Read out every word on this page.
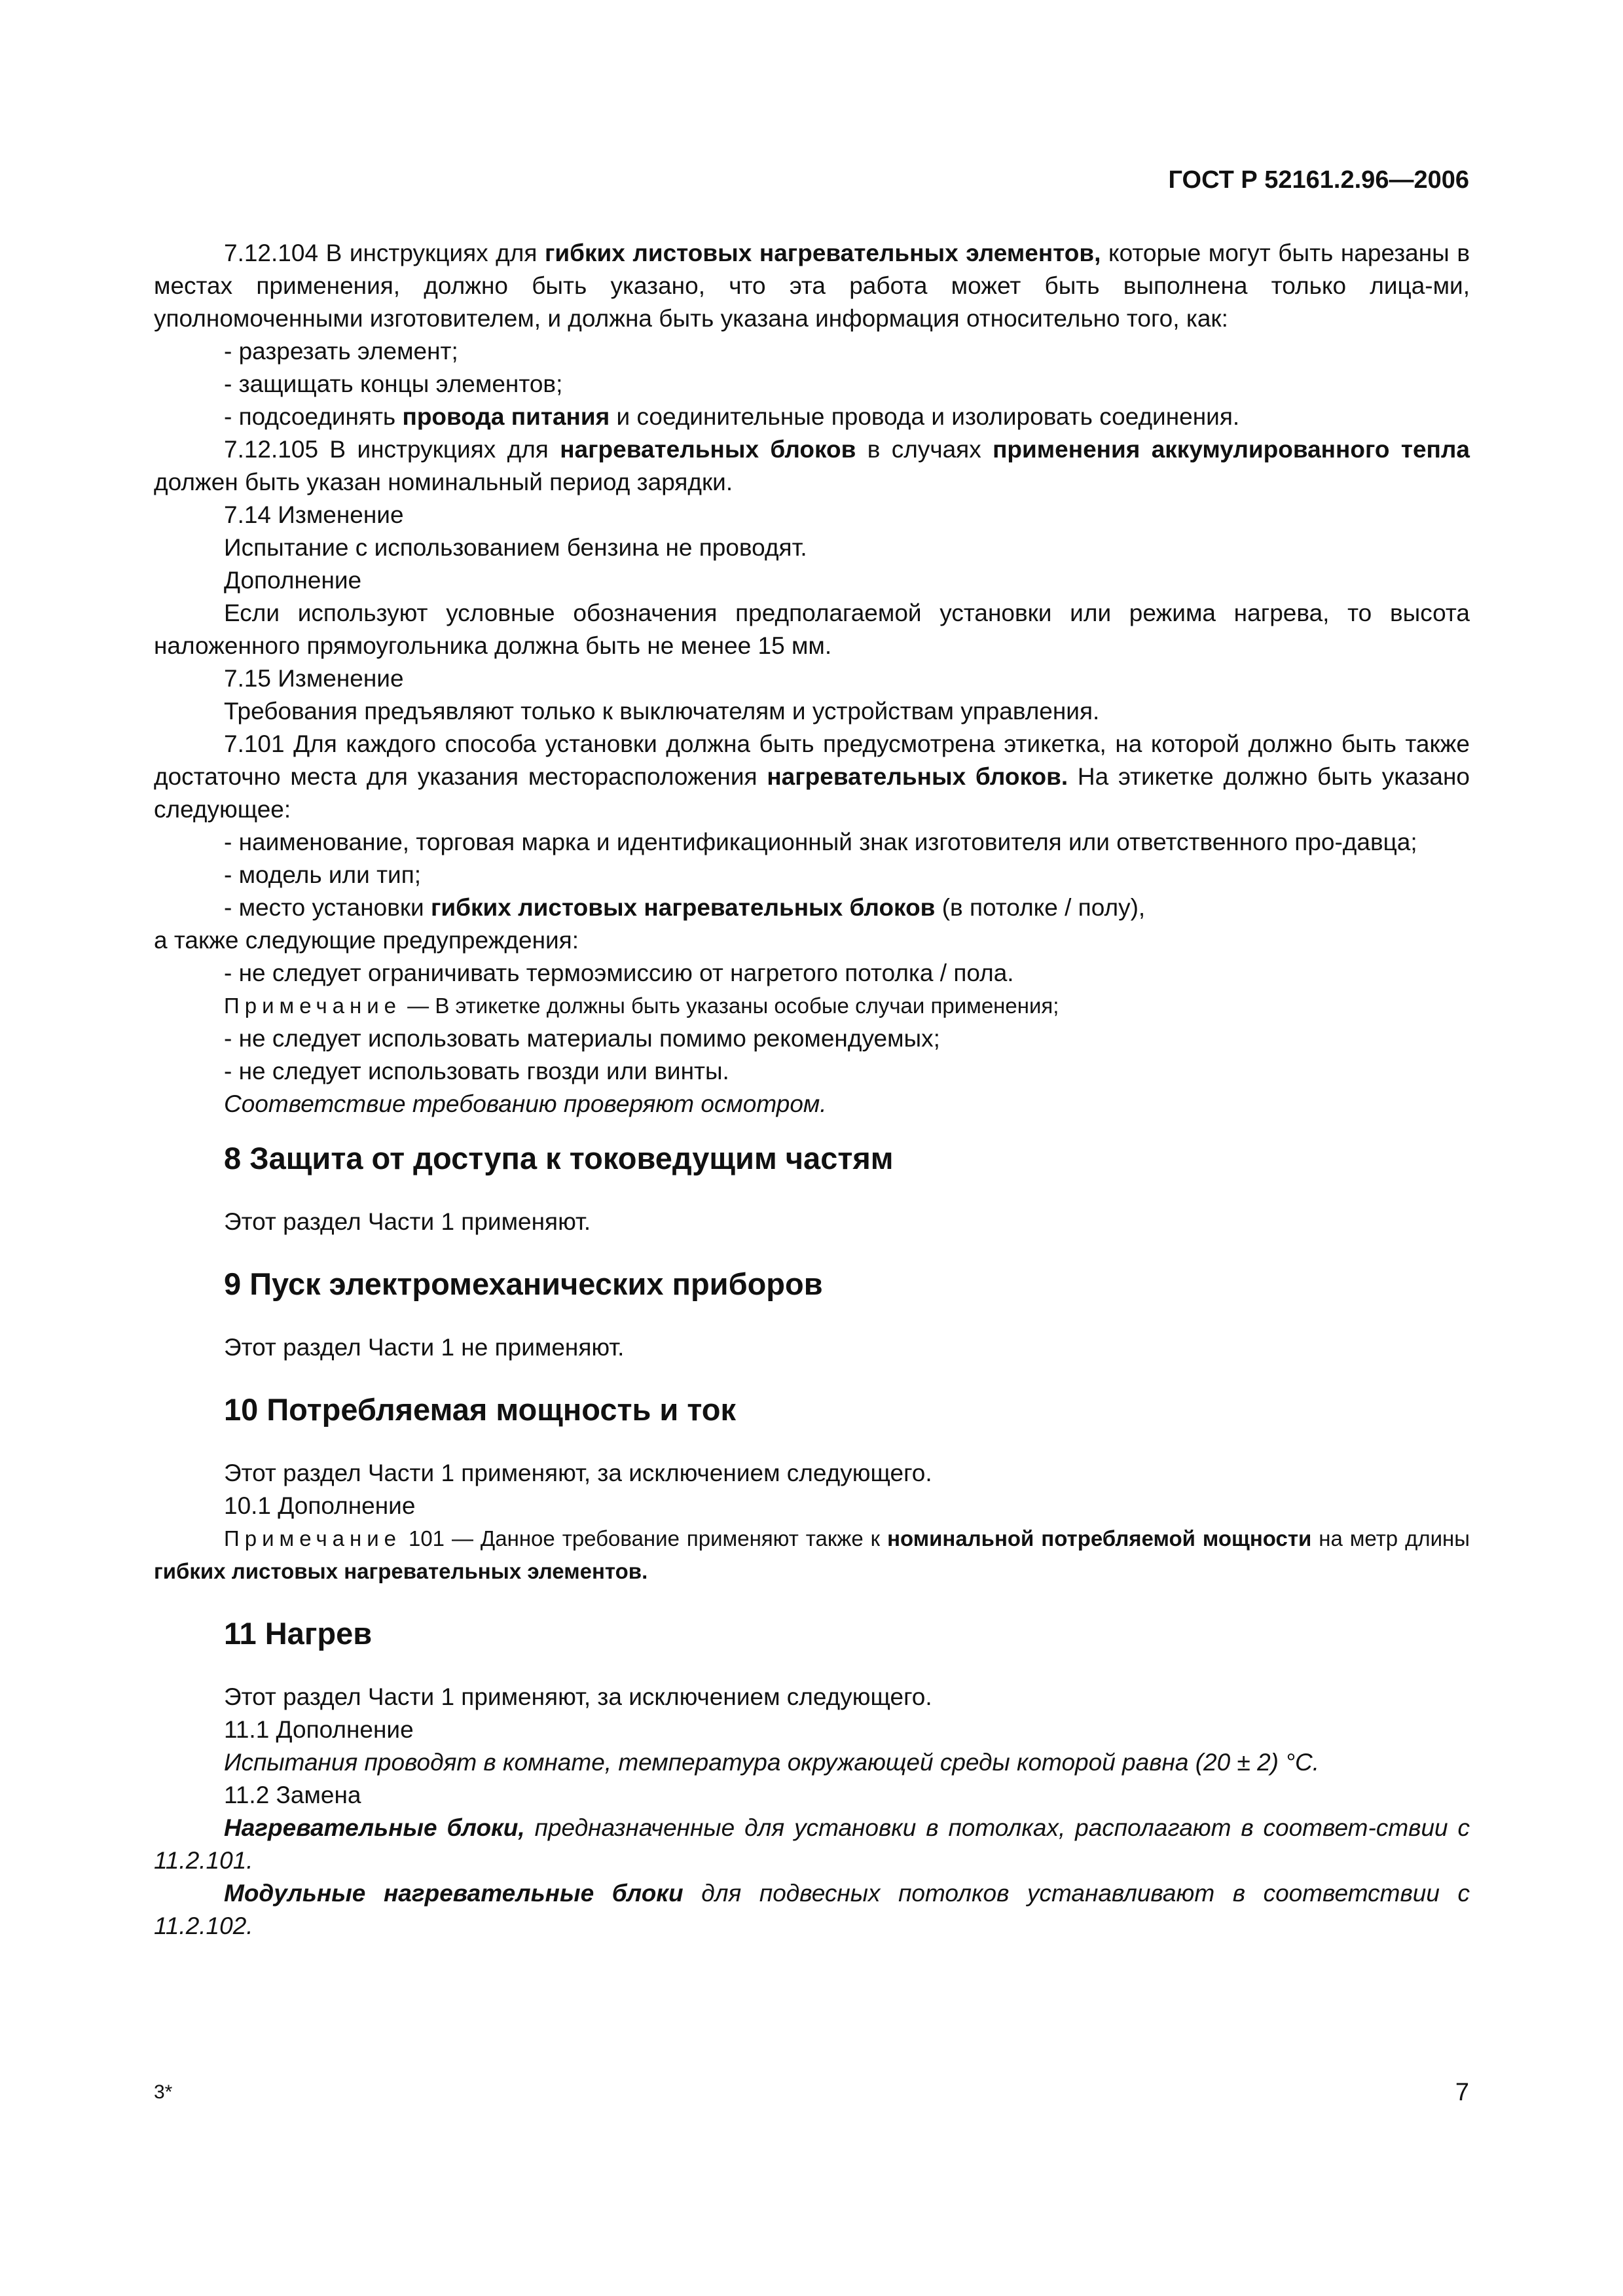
ГОСТ Р 52161.2.96—2006

7.12.104 В инструкциях для гибких листовых нагревательных элементов, которые могут быть нарезаны в местах применения, должно быть указано, что эта работа может быть выполнена только лица-ми, уполномоченными изготовителем, и должна быть указана информация относительно того, как:

- разрезать элемент;

- защищать концы элементов;

- подсоединять провода питания и соединительные провода и изолировать соединения.

7.12.105 В инструкциях для нагревательных блоков в случаях применения аккумулированного тепла должен быть указан номинальный период зарядки.

7.14 Изменение

Испытание с использованием бензина не проводят.

Дополнение

Если используют условные обозначения предполагаемой установки или режима нагрева, то высота наложенного прямоугольника должна быть не менее 15 мм.

7.15 Изменение

Требования предъявляют только к выключателям и устройствам управления.

7.101 Для каждого способа установки должна быть предусмотрена этикетка, на которой должно быть также достаточно места для указания месторасположения нагревательных блоков. На этикетке должно быть указано следующее:

- наименование, торговая марка и идентификационный знак изготовителя или ответственного про-давца;

- модель или тип;

- место установки гибких листовых нагревательных блоков (в потолке / полу),

а также следующие предупреждения:

- не следует ограничивать термоэмиссию от нагретого потолка / пола.

Примечание — В этикетке должны быть указаны особые случаи применения;

- не следует использовать материалы помимо рекомендуемых;

- не следует использовать гвозди или винты.

Соответствие требованию проверяют осмотром.

8 Защита от доступа к токоведущим частям

Этот раздел Части 1 применяют.

9 Пуск электромеханических приборов

Этот раздел Части 1 не применяют.

10 Потребляемая мощность и ток

Этот раздел Части 1 применяют, за исключением следующего.

10.1 Дополнение

Примечание 101 — Данное требование применяют также к номинальной потребляемой мощности на метр длины гибких листовых нагревательных элементов.

11 Нагрев

Этот раздел Части 1 применяют, за исключением следующего.

11.1 Дополнение

Испытания проводят в комнате, температура окружающей среды которой равна (20 ± 2) °С.

11.2 Замена

Нагревательные блоки, предназначенные для установки в потолках, располагают в соответ-ствии с 11.2.101.

Модульные нагревательные блоки для подвесных потолков устанавливают в соответствии с 11.2.102.

3*	7
